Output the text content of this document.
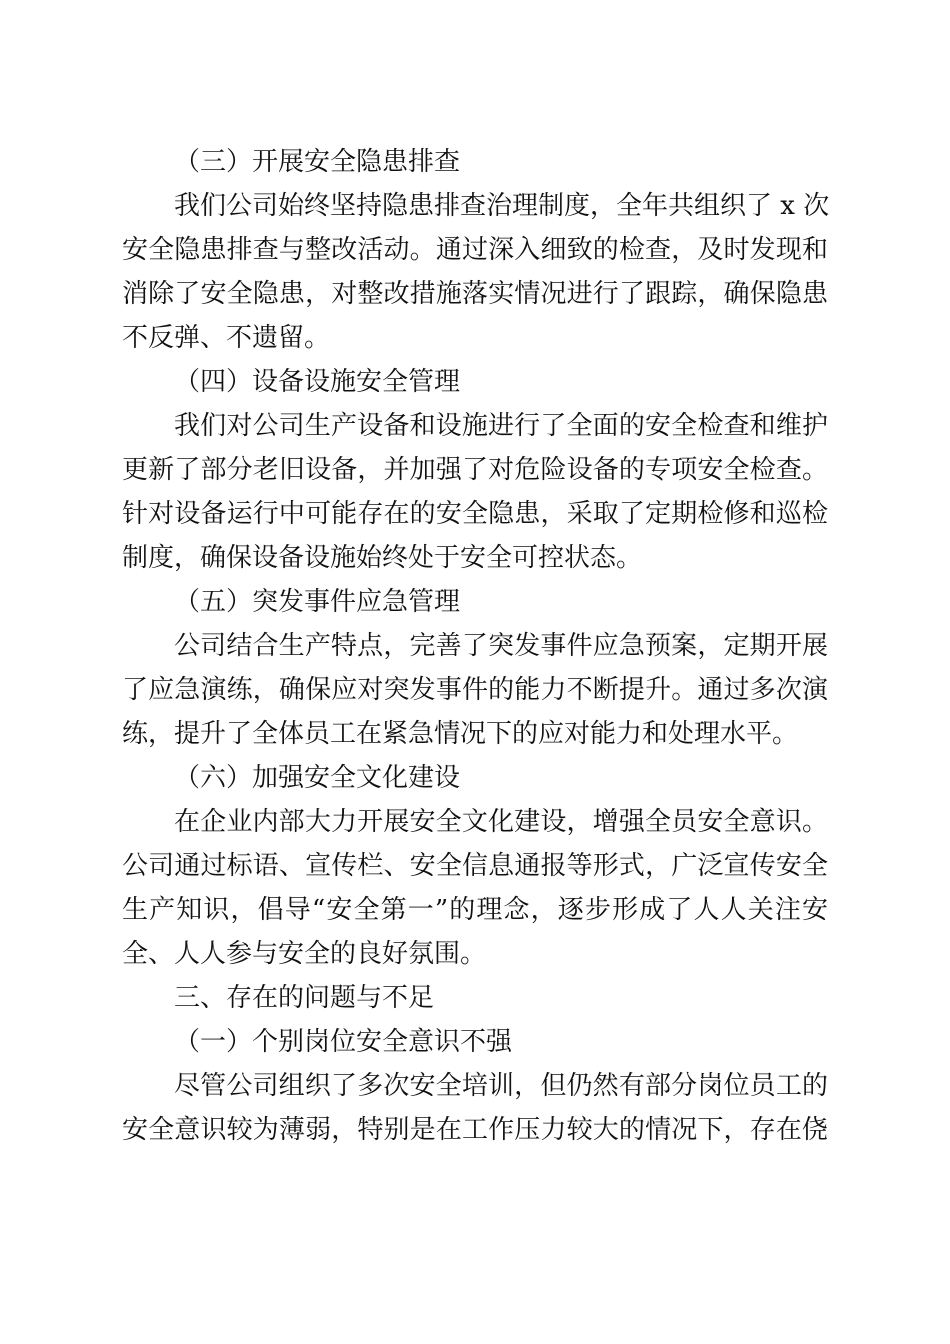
（三）开展安全隐患排查
我们公司始终坚持隐患排查治理制度，全年共组织了 x 次
安全隐患排查与整改活动。通过深入细致的检查，及时发现和
消除了安全隐患，对整改措施落实情况进行了跟踪，确保隐患
不反弹、不遗留。
（四）设备设施安全管理
我们对公司生产设备和设施进行了全面的安全检查和维护
更新了部分老旧设备，并加强了对危险设备的专项安全检查。
针对设备运行中可能存在的安全隐患，采取了定期检修和巡检
制度，确保设备设施始终处于安全可控状态。
（五）突发事件应急管理
公司结合生产特点，完善了突发事件应急预案，定期开展
了应急演练，确保应对突发事件的能力不断提升。通过多次演
练，提升了全体员工在紧急情况下的应对能力和处理水平。
（六）加强安全文化建设
在企业内部大力开展安全文化建设，增强全员安全意识。
公司通过标语、宣传栏、安全信息通报等形式，广泛宣传安全
生产知识，倡导“安全第一”的理念，逐步形成了人人关注安
全、人人参与安全的良好氛围。
三、存在的问题与不足
（一）个别岗位安全意识不强
尽管公司组织了多次安全培训，但仍然有部分岗位员工的
安全意识较为薄弱，特别是在工作压力较大的情况下，存在侥
